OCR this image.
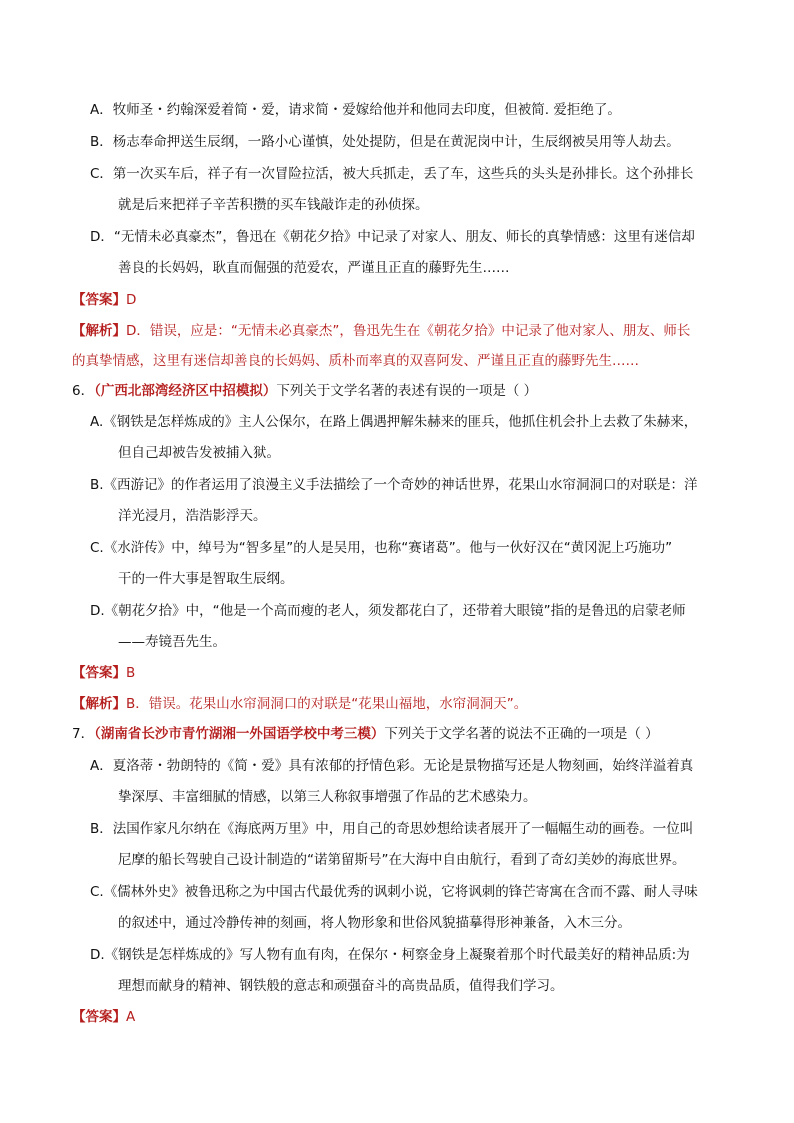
A．牧师圣・约翰深爱着简・爱，请求简・爱嫁给他并和他同去印度，但被简. 爱拒绝了。
B．杨志奉命押送生辰纲，一路小心谨慎，处处提防，但是在黄泥岗中计，生辰纲被吴用等人劫去。
C．第一次买车后，祥子有一次冒险拉活，被大兵抓走，丢了车，这些兵的头头是孙排长。这个孙排长
就是后来把祥子辛苦积攒的买车钱敲诈走的孙侦探。
D．“无情未必真豪杰”，鲁迅在《朝花夕拾》中记录了对家人、朋友、师长的真挚情感：这里有迷信却
善良的长妈妈，耿直而倔强的范爱农，严谨且正直的藤野先生……
【答案】D
【解析】D．错误，应是：“无情未必真豪杰”，鲁迅先生在《朝花夕拾》中记录了他对家人、朋友、师长
的真挚情感，这里有迷信却善良的长妈妈、质朴而率真的双喜阿发、严谨且正直的藤野先生……
6．（广西北部湾经济区中招模拟）下列关于文学名著的表述有误的一项是（ ）
A.《钢铁是怎样炼成的》主人公保尔，在路上偶遇押解朱赫来的匪兵，他抓住机会扑上去救了朱赫来，
但自己却被告发被捕入狱。
B.《西游记》的作者运用了浪漫主义手法描绘了一个奇妙的神话世界，花果山水帘洞洞口的对联是：洋
洋光浸月，浩浩影浮天。
C.《水浒传》中，绰号为“智多星”的人是吴用，也称“赛诸葛”。他与一伙好汉在“黄冈泥上巧施功”
干的一件大事是智取生辰纲。
D.《朝花夕拾》中，“他是一个高而瘦的老人，须发都花白了，还带着大眼镜”指的是鲁迅的启蒙老师
——寿镜吾先生。
【答案】B
【解析】B．错误。花果山水帘洞洞口的对联是“花果山福地，水帘洞洞天”。
7．（湖南省长沙市青竹湖湘一外国语学校中考三模）下列关于文学名著的说法不正确的一项是（ ）
A．夏洛蒂・勃朗特的《简・爱》具有浓郁的抒情色彩。无论是景物描写还是人物刻画，始终洋溢着真
挚深厚、丰富细腻的情感，以第三人称叙事增强了作品的艺术感染力。
B．法国作家凡尔纳在《海底两万里》中，用自己的奇思妙想给读者展开了一幅幅生动的画卷。一位叫
尼摩的船长驾驶自己设计制造的“诺第留斯号”在大海中自由航行，看到了奇幻美妙的海底世界。
C.《儒林外史》被鲁迅称之为中国古代最优秀的讽刺小说，它将讽刺的锋芒寄寓在含而不露、耐人寻味
的叙述中，通过冷静传神的刻画，将人物形象和世俗风貌描摹得形神兼备，入木三分。
D.《钢铁是怎样炼成的》写人物有血有肉，在保尔・柯察金身上凝聚着那个时代最美好的精神品质:为
理想而献身的精神、钢铁般的意志和顽强奋斗的高贵品质，值得我们学习。
【答案】A
